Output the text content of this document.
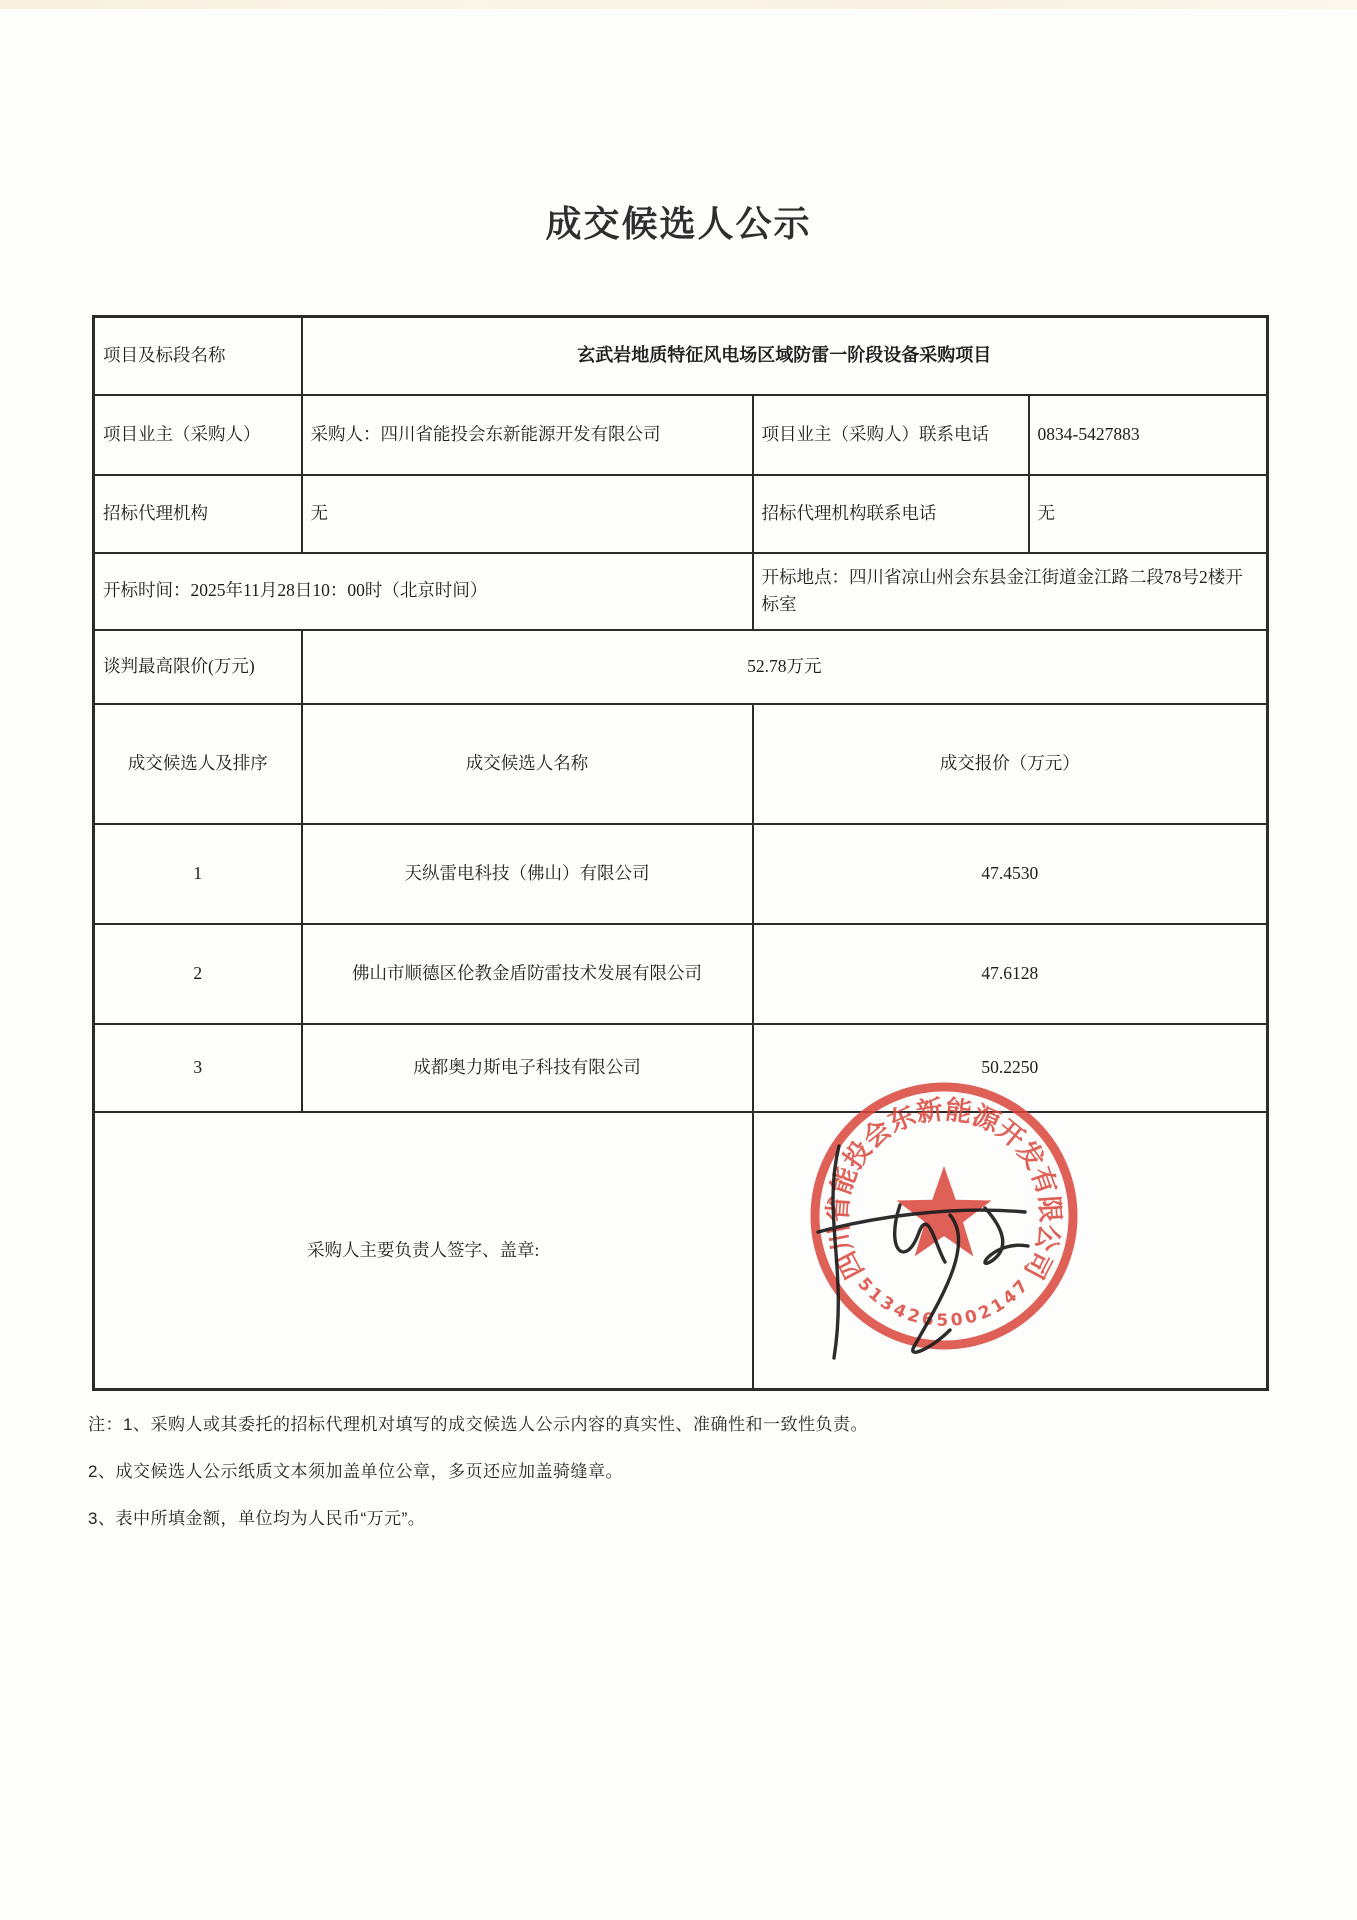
成交候选人公示
项目及标段名称	玄武岩地质特征风电场区域防雷一阶段设备采购项目		
项目业主（采购人）	采购人：四川省能投会东新能源开发有限公司	项目业主（采购人）联系电话	0834-5427883
招标代理机构	无	招标代理机构联系电话	无
开标时间：2025年11月28日10：00时（北京时间）		开标地点：四川省凉山州会东县金江街道金江路二段78号2楼开标室	
谈判最高限价(万元)	52.78万元		
成交候选人及排序	成交候选人名称	成交报价（万元）	
1	天纵雷电科技（佛山）有限公司	47.4530	
2	佛山市顺德区伦教金盾防雷技术发展有限公司	47.6128	
3	成都奥力斯电子科技有限公司	50.2250	
采购人主要负责人签字、盖章:				四川省能投会东新能源开发有限公司
5134265002147
注：1、采购人或其委托的招标代理机对填写的成交候选人公示内容的真实性、准确性和一致性负责。
2、成交候选人公示纸质文本须加盖单位公章，多页还应加盖骑缝章。
3、表中所填金额，单位均为人民币“万元”。
